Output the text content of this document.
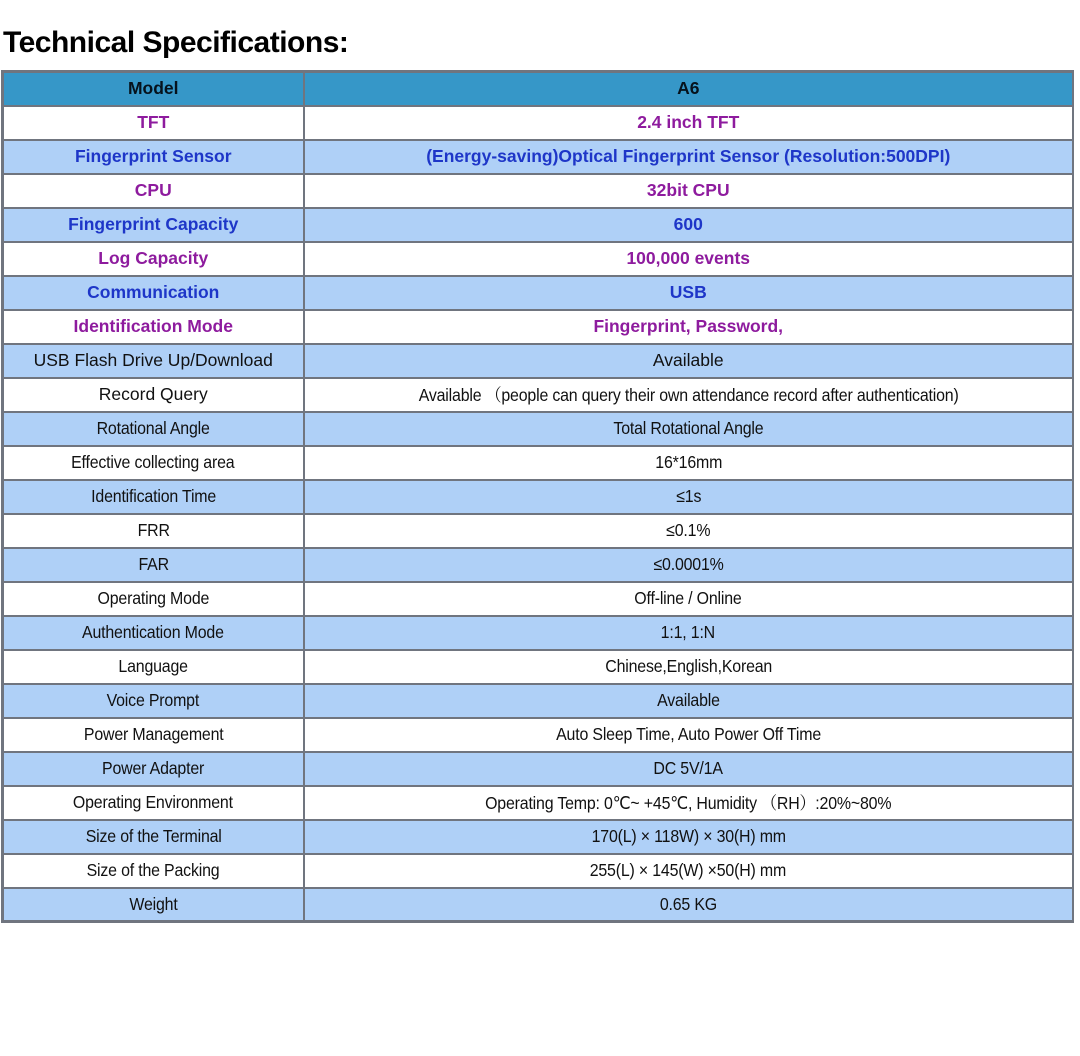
Technical Specifications:
Model	A6
TFT	2.4 inch TFT
Fingerprint Sensor	(Energy-saving)Optical Fingerprint Sensor (Resolution:500DPI)
CPU	32bit CPU
Fingerprint Capacity	600
Log Capacity	100,000 events
Communication	USB
Identification Mode	Fingerprint, Password,
USB Flash Drive Up/Download	Available
Record Query	Available （people can query their own attendance record after authentication)
Rotational Angle	Total Rotational Angle
Effective collecting area	16*16mm
Identification Time	≤1s
FRR	≤0.1%
FAR	≤0.0001%
Operating Mode	Off-line / Online
Authentication Mode	1:1, 1:N
Language	Chinese,English,Korean
Voice Prompt	Available
Power Management	Auto Sleep Time, Auto Power Off Time
Power Adapter	DC 5V/1A
Operating Environment	Operating Temp: 0℃~ +45℃, Humidity （RH）:20%~80%
Size of the Terminal	170(L) × 118W) × 30(H) mm
Size of the Packing	255(L) × 145(W) ×50(H) mm
Weight	0.65 KG
